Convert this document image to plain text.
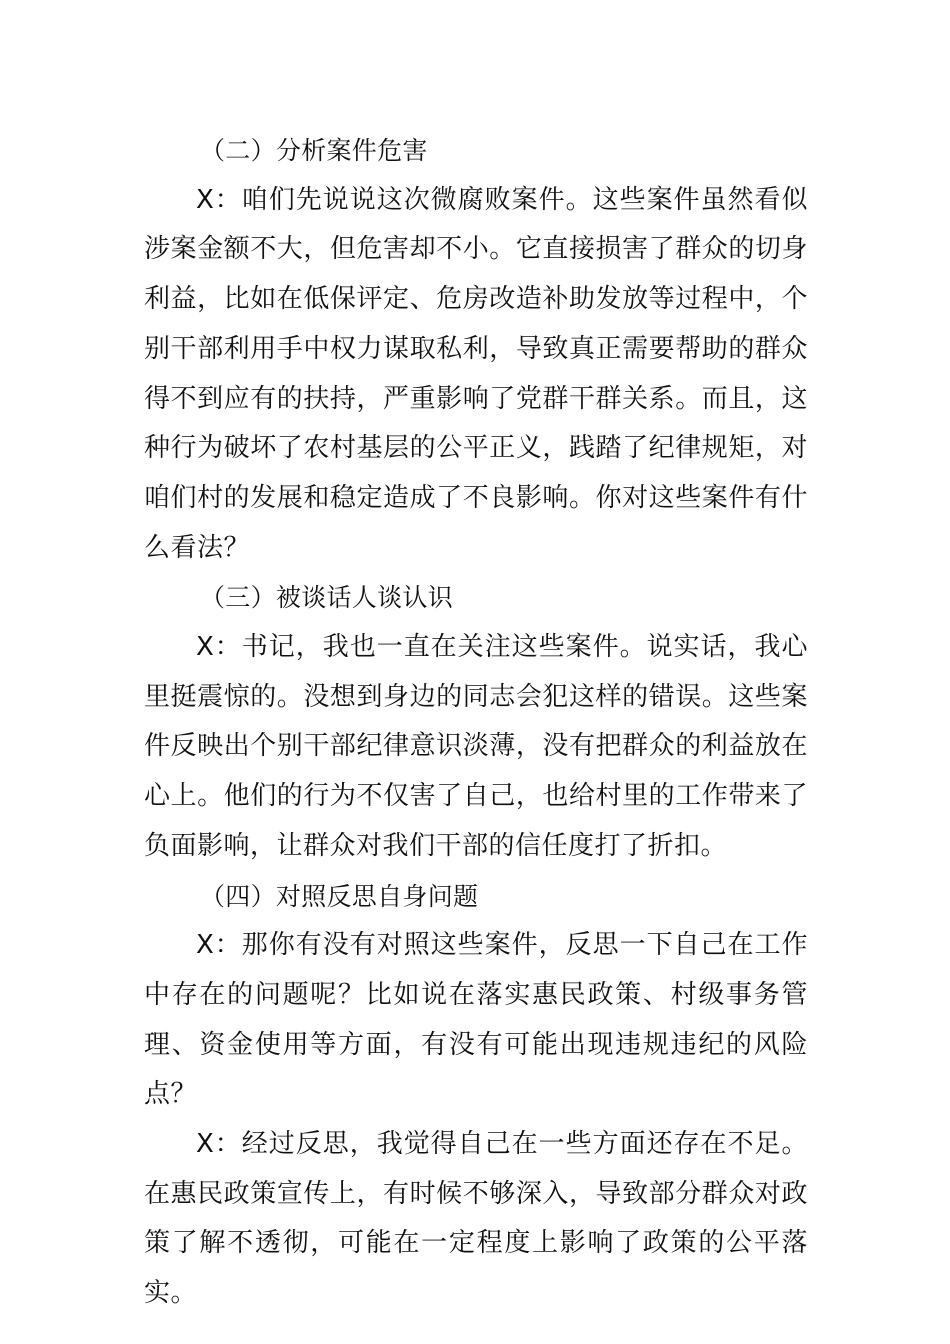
（二）分析案件危害

X：咱们先说说这次微腐败案件。这些案件虽然看似涉案金额不大，但危害却不小。它直接损害了群众的切身利益，比如在低保评定、危房改造补助发放等过程中，个别干部利用手中权力谋取私利，导致真正需要帮助的群众得不到应有的扶持，严重影响了党群干群关系。而且，这种行为破坏了农村基层的公平正义，践踏了纪律规矩，对咱们村的发展和稳定造成了不良影响。你对这些案件有什么看法？

（三）被谈话人谈认识

X：书记，我也一直在关注这些案件。说实话，我心里挺震惊的。没想到身边的同志会犯这样的错误。这些案件反映出个别干部纪律意识淡薄，没有把群众的利益放在心上。他们的行为不仅害了自己，也给村里的工作带来了负面影响，让群众对我们干部的信任度打了折扣。

（四）对照反思自身问题

X：那你有没有对照这些案件，反思一下自己在工作中存在的问题呢？比如说在落实惠民政策、村级事务管理、资金使用等方面，有没有可能出现违规违纪的风险点？

X：经过反思，我觉得自己在一些方面还存在不足。在惠民政策宣传上，有时候不够深入，导致部分群众对政策了解不透彻，可能在一定程度上影响了政策的公平落实。
